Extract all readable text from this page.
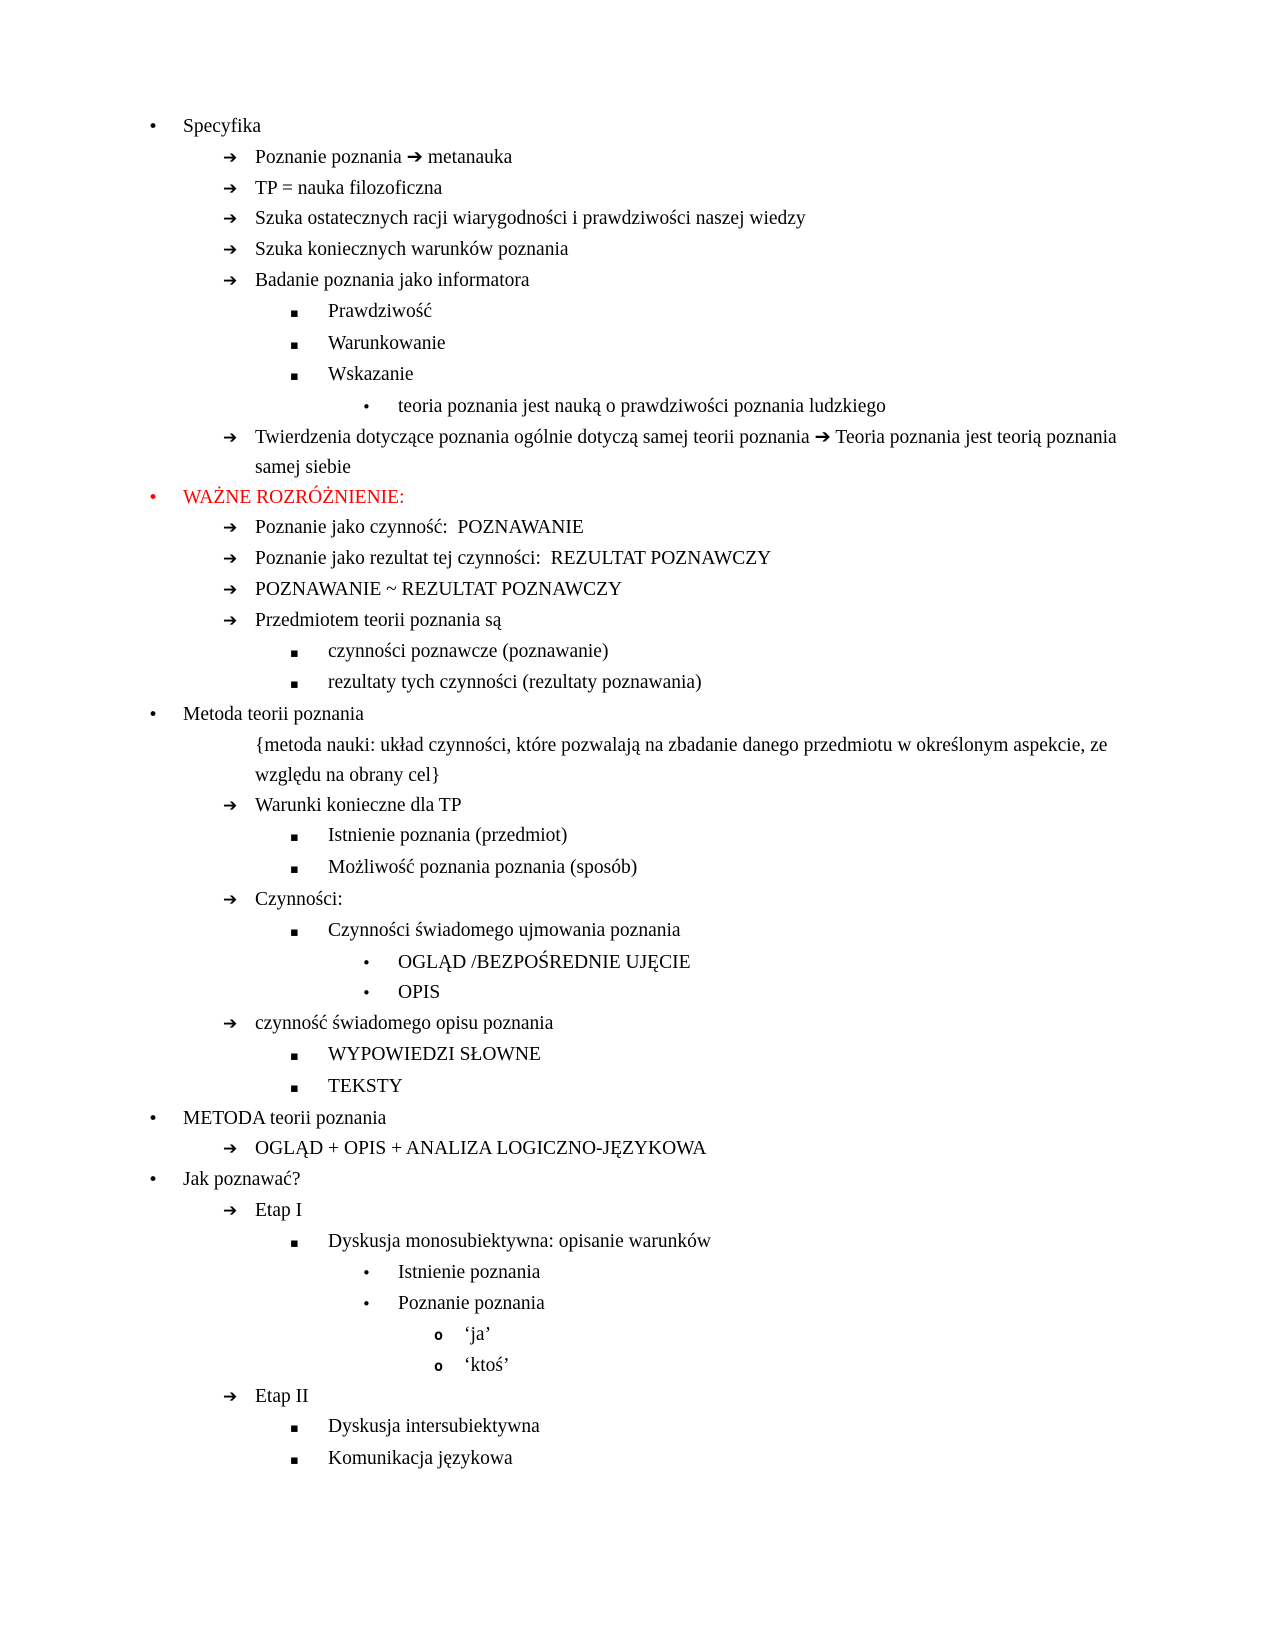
•	Specyfika
➔ Poznanie poznania ➔ metanauka
➔ TP = nauka filozoficzna
➔ Szuka ostatecznych racji wiarygodności i prawdziwości naszej wiedzy
➔ Szuka koniecznych warunków poznania
➔ Badanie poznania jako informatora
▪	Prawdziwość
▪	Warunkowanie
▪	Wskazanie
•	teoria poznania jest nauką o prawdziwości poznania ludzkiego
➔ Twierdzenia dotyczące poznania ogólnie dotyczą samej teorii poznania ➔ Teoria poznania jest teorią poznania samej siebie
•	WAŻNE ROZRÓŻNIENIE:
➔ Poznanie jako czynność:  POZNAWANIE
➔ Poznanie jako rezultat tej czynności:  REZULTAT POZNAWCZY
➔ POZNAWANIE ~ REZULTAT POZNAWCZY
➔ Przedmiotem teorii poznania są
▪	czynności poznawcze (poznawanie)
▪	rezultaty tych czynności (rezultaty poznawania)
•	Metoda teorii poznania
{metoda nauki: układ czynności, które pozwalają na zbadanie danego przedmiotu w określonym aspekcie, ze względu na obrany cel}
➔ Warunki konieczne dla TP
▪	Istnienie poznania (przedmiot)
▪	Możliwość poznania poznania (sposób)
➔ Czynności:
▪	Czynności świadomego ujmowania poznania
•	OGLĄD /BEZPOŚREDNIE UJĘCIE
•	OPIS
➔ czynność świadomego opisu poznania
▪	WYPOWIEDZI SŁOWNE
▪	TEKSTY
•	METODA teorii poznania
➔ OGLĄD + OPIS + ANALIZA LOGICZNO-JĘZYKOWA
•	Jak poznawać?
➔ Etap I
▪	Dyskusja monosubiektywna: opisanie warunków
•	Istnienie poznania
•	Poznanie poznania
o	‘ja’
o	‘ktoś’
➔ Etap II
▪	Dyskusja intersubiektywna
▪	Komunikacja językowa
